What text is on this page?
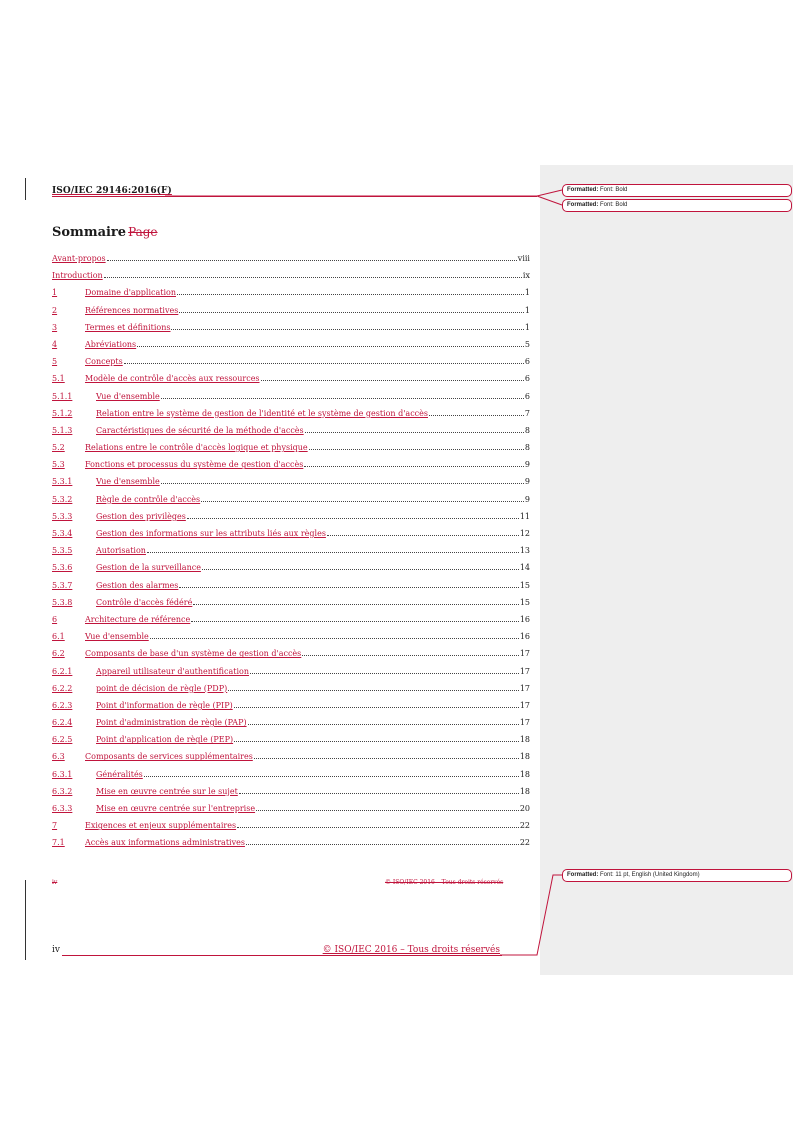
ISO/IEC 29146:2016(F)
Sommaire Page
Avant-propos	viii
Introduction	ix
1	Domaine d'application	1
2	Références normatives	1
3	Termes et définitions	1
4	Abréviations	5
5	Concepts	6
5.1	Modèle de contrôle d'accès aux ressources	6
5.1.1	Vue d'ensemble	6
5.1.2	Relation entre le système de gestion de l'identité et le système de gestion d'accès	7
5.1.3	Caractéristiques de sécurité de la méthode d'accès	8
5.2	Relations entre le contrôle d'accès logique et physique	8
5.3	Fonctions et processus du système de gestion d'accès	9
5.3.1	Vue d'ensemble	9
5.3.2	Règle de contrôle d'accès	9
5.3.3	Gestion des privilèges	11
5.3.4	Gestion des informations sur les attributs liés aux règles	12
5.3.5	Autorisation	13
5.3.6	Gestion de la surveillance	14
5.3.7	Gestion des alarmes	15
5.3.8	Contrôle d'accès fédéré	15
6	Architecture de référence	16
6.1	Vue d'ensemble	16
6.2	Composants de base d'un système de gestion d'accès	17
6.2.1	Appareil utilisateur d'authentification	17
6.2.2	point de décision de règle (PDP)	17
6.2.3	Point d'information de règle (PIP)	17
6.2.4	Point d'administration de règle (PAP)	17
6.2.5	Point d'application de règle (PEP)	18
6.3	Composants de services supplémentaires	18
6.3.1	Généralités	18
6.3.2	Mise en œuvre centrée sur le sujet	18
6.3.3	Mise en œuvre centrée sur l'entreprise	20
7	Exigences et enjeux supplémentaires	22
7.1	Accès aux informations administratives	22
iv	© ISO/IEC 2016 – Tous droits réservés
iv	© ISO/IEC 2016 – Tous droits réservés
Formatted: Font: Bold
Formatted: Font: Bold
Formatted: Font: 11 pt, English (United Kingdom)
